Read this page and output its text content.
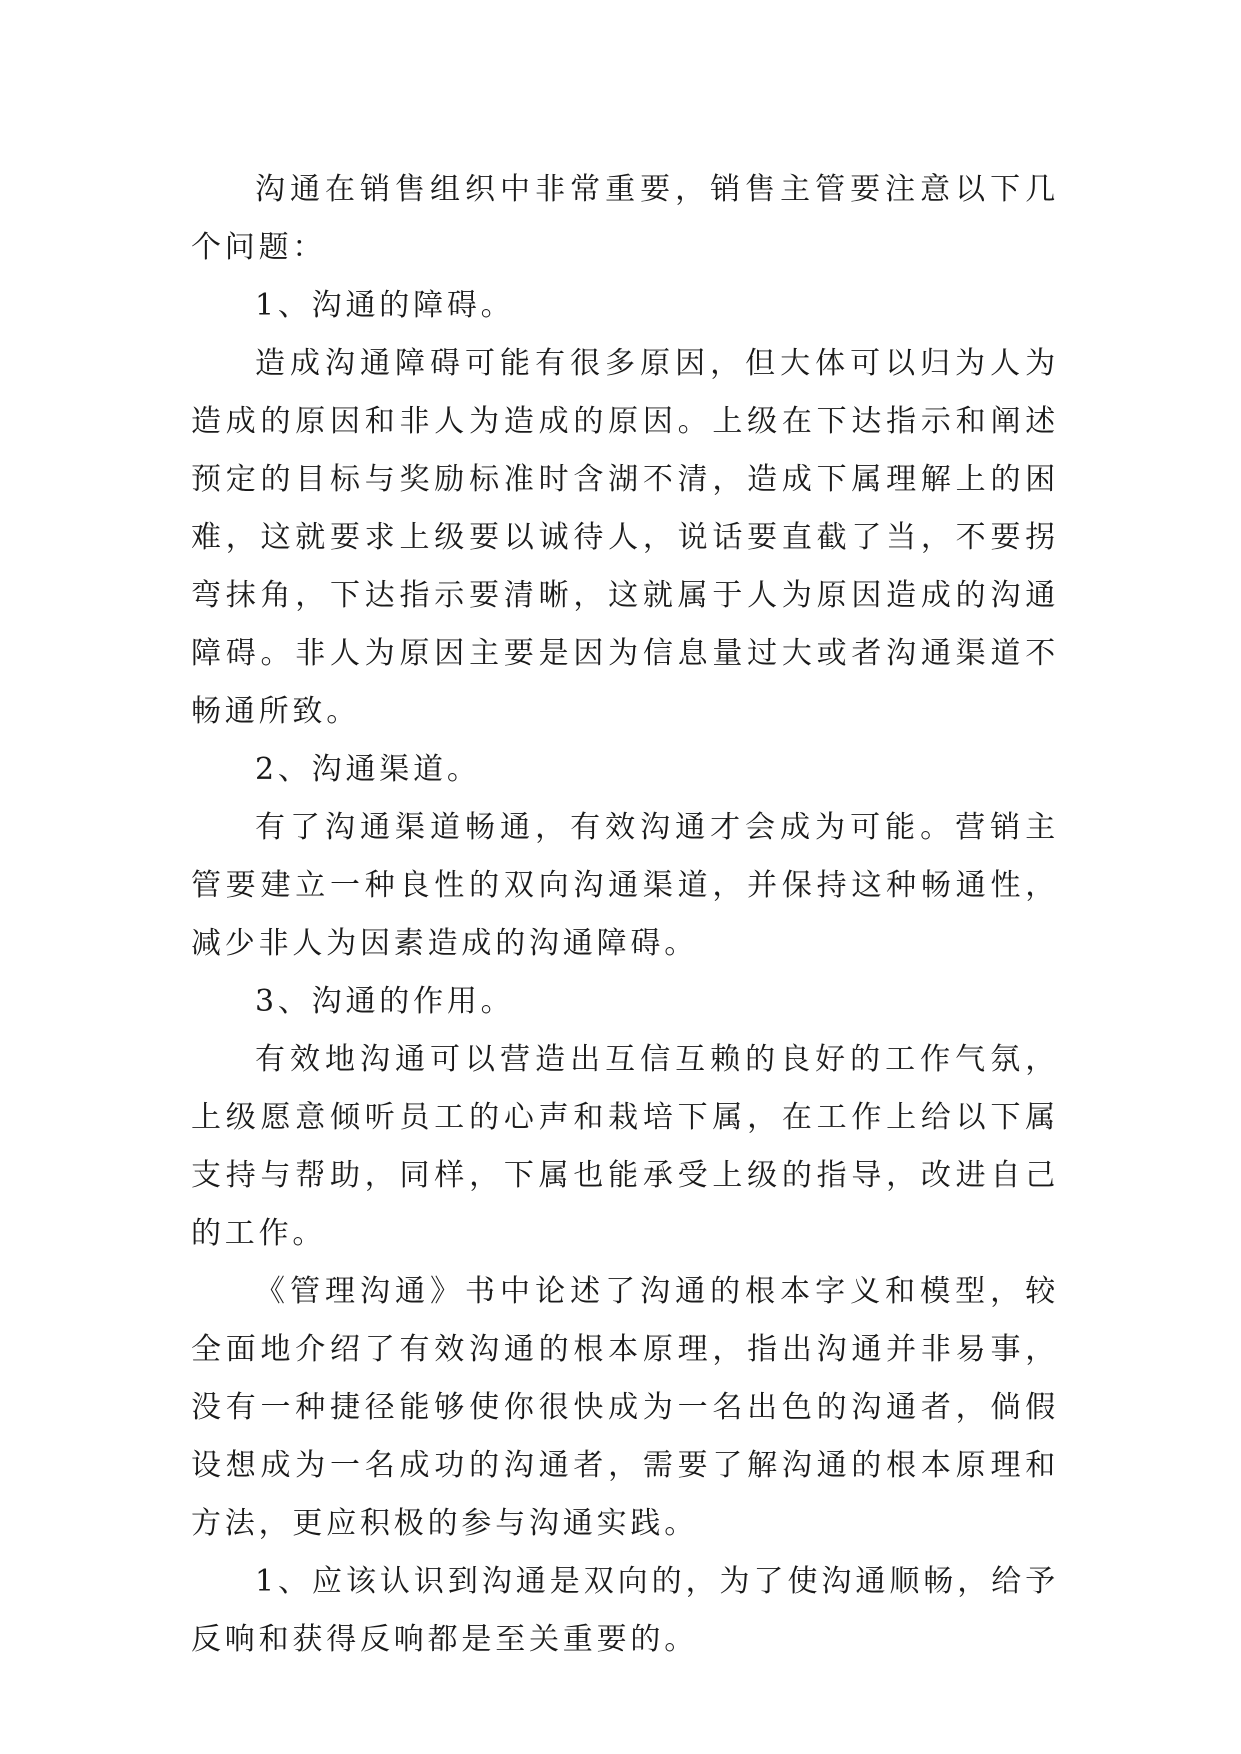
沟通在销售组织中非常重要，销售主管要注意以下几个问题：

1、沟通的障碍。

造成沟通障碍可能有很多原因，但大体可以归为人为造成的原因和非人为造成的原因。上级在下达指示和阐述预定的目标与奖励标准时含湖不清，造成下属理解上的困难，这就要求上级要以诚待人，说话要直截了当，不要拐弯抹角，下达指示要清晰，这就属于人为原因造成的沟通障碍。非人为原因主要是因为信息量过大或者沟通渠道不畅通所致。

2、沟通渠道。

有了沟通渠道畅通，有效沟通才会成为可能。营销主管要建立一种良性的双向沟通渠道，并保持这种畅通性，减少非人为因素造成的沟通障碍。

3、沟通的作用。

有效地沟通可以营造出互信互赖的良好的工作气氛，上级愿意倾听员工的心声和栽培下属，在工作上给以下属支持与帮助，同样，下属也能承受上级的指导，改进自己的工作。

《管理沟通》书中论述了沟通的根本字义和模型，较全面地介绍了有效沟通的根本原理，指出沟通并非易事，没有一种捷径能够使你很快成为一名出色的沟通者，倘假设想成为一名成功的沟通者，需要了解沟通的根本原理和方法，更应积极的参与沟通实践。

1、应该认识到沟通是双向的，为了使沟通顺畅，给予反响和获得反响都是至关重要的。
